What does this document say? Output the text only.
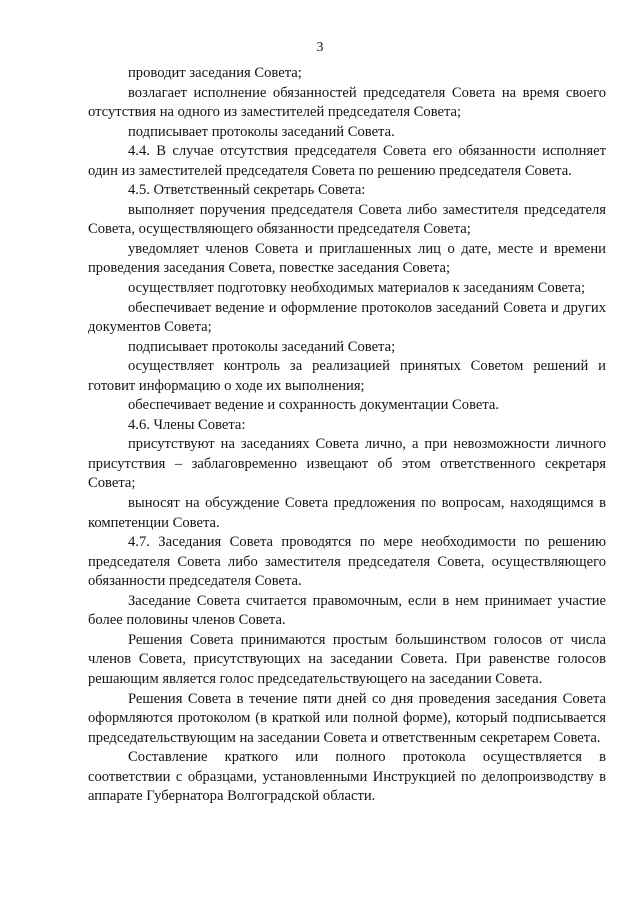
3

проводит заседания Совета;

возлагает исполнение обязанностей председателя Совета на время своего отсутствия на одного из заместителей председателя Совета;

подписывает протоколы заседаний Совета.

4.4. В случае отсутствия председателя Совета его обязанности исполняет один из заместителей председателя Совета по решению председателя Совета.

4.5. Ответственный секретарь Совета:

выполняет поручения председателя Совета либо заместителя председателя Совета, осуществляющего обязанности председателя Совета;

уведомляет членов Совета и приглашенных лиц о дате, месте и времени проведения заседания Совета, повестке заседания Совета;

осуществляет подготовку необходимых материалов к заседаниям Совета;

обеспечивает ведение и оформление протоколов заседаний Совета и других документов Совета;

подписывает протоколы заседаний Совета;

осуществляет контроль за реализацией принятых Советом решений и готовит информацию о ходе их выполнения;

обеспечивает ведение и сохранность документации Совета.

4.6. Члены Совета:

присутствуют на заседаниях Совета лично, а при невозможности личного присутствия – заблаговременно извещают об этом ответственного секретаря Совета;

выносят на обсуждение Совета предложения по вопросам, находящимся в компетенции Совета.

4.7. Заседания Совета проводятся по мере необходимости по решению председателя Совета либо заместителя председателя Совета, осуществляющего обязанности председателя Совета.

Заседание Совета считается правомочным, если в нем принимает участие более половины членов Совета.

Решения Совета принимаются простым большинством голосов от числа членов Совета, присутствующих на заседании Совета. При равенстве голосов решающим является голос председательствующего на заседании Совета.

Решения Совета в течение пяти дней со дня проведения заседания Совета оформляются протоколом (в краткой или полной форме), который подписывается председательствующим на заседании Совета и ответственным секретарем Совета.

Составление краткого или полного протокола осуществляется в соответствии с образцами, установленными Инструкцией по делопроизводству в аппарате Губернатора Волгоградской области.
